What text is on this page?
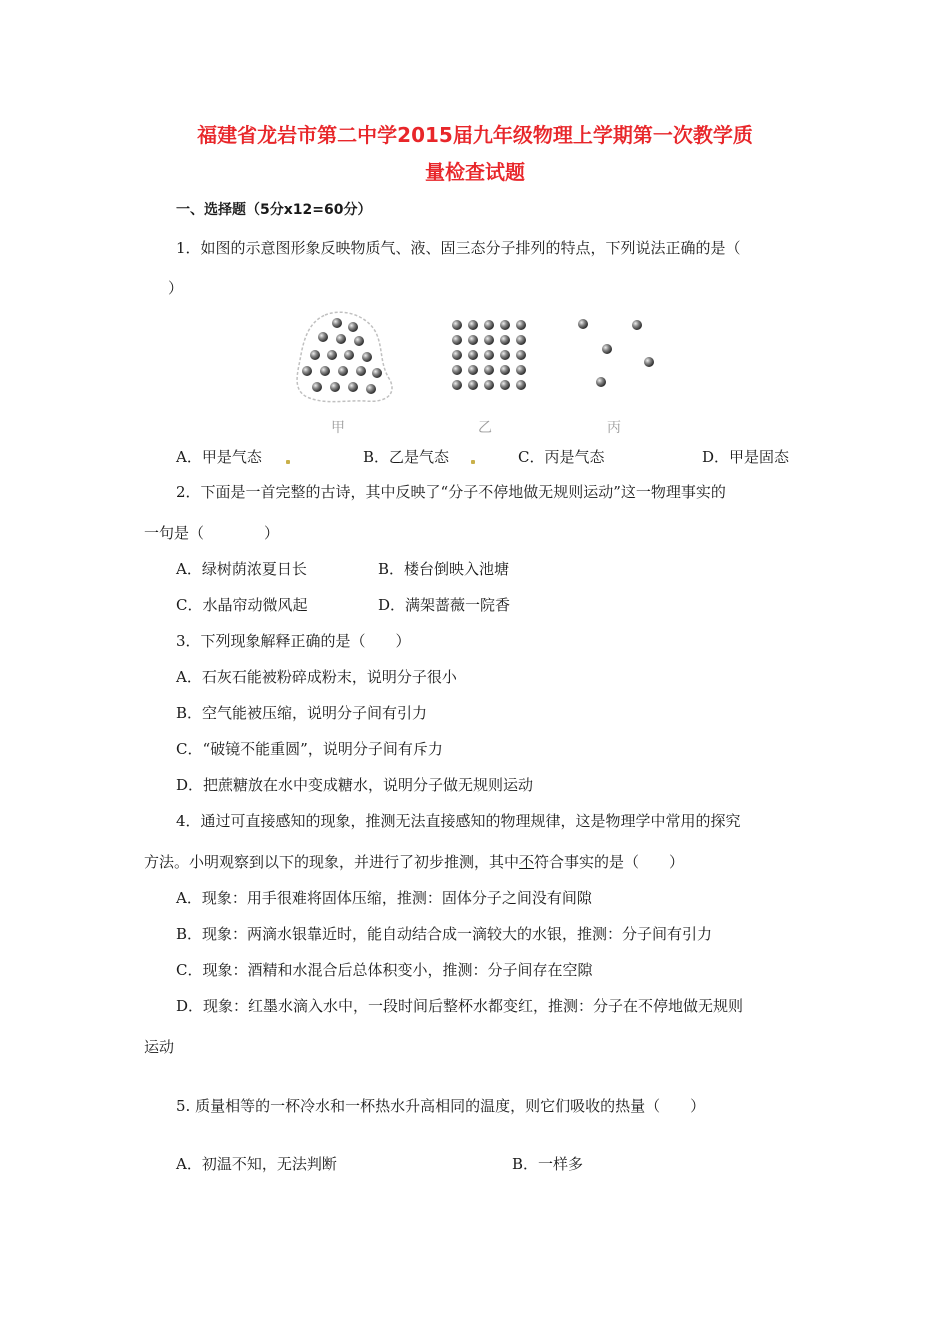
福建省龙岩市第二中学2015届九年级物理上学期第一次教学质
量检查试题
一、选择题（5分x12=60分）
1．如图的示意图形象反映物质气、液、固三态分子排列的特点，下列说法正确的是（
）
甲	乙	丙
A．甲是气态	B．乙是气态	C．丙是气态	D．甲是固态
2．下面是一首完整的古诗，其中反映了“分子不停地做无规则运动”这一物理事实的
一句是（　　　　）
A．绿树荫浓夏日长	B．楼台倒映入池塘
C．水晶帘动微风起	D．满架蔷薇一院香
3．下列现象解释正确的是（　　）
A．石灰石能被粉碎成粉末，说明分子很小
B．空气能被压缩，说明分子间有引力
C．“破镜不能重圆”，说明分子间有斥力
D．把蔗糖放在水中变成糖水，说明分子做无规则运动
4．通过可直接感知的现象，推测无法直接感知的物理规律，这是物理学中常用的探究
方法。小明观察到以下的现象，并进行了初步推测，其中不符合事实的是（　　）
A．现象：用手很难将固体压缩，推测：固体分子之间没有间隙
B．现象：两滴水银靠近时，能自动结合成一滴较大的水银，推测：分子间有引力
C．现象：酒精和水混合后总体积变小，推测：分子间存在空隙
D．现象：红墨水滴入水中，一段时间后整杯水都变红，推测：分子在不停地做无规则
运动
5. 质量相等的一杯冷水和一杯热水升高相同的温度，则它们吸收的热量（　　）
A．初温不知，无法判断	B．一样多
